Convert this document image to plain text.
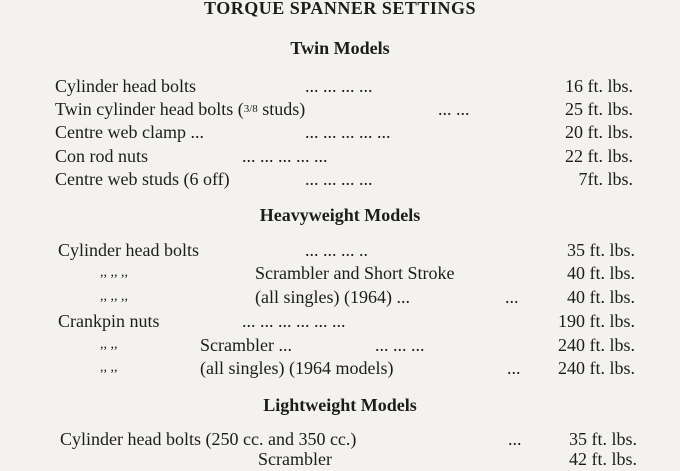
TORQUE SPANNER SETTINGS
Twin Models
Cylinder head bolts	... ... ... ...	16 ft. lbs.
Twin cylinder head bolts (3/8 studs)	... ...	25 ft. lbs.
Centre web clamp ...	... ... ... ... ...	20 ft. lbs.
Con rod nuts	... ... ... ... ...	22 ft. lbs.
Centre web studs (6 off)	... ... ... ...	7ft. lbs.
Heavyweight Models
Cylinder head bolts	... ... ... ..	35 ft. lbs.
,, ,, ,,	Scrambler and Short Stroke	40 ft. lbs.
,, ,, ,,	(all singles) (1964) ...	...	40 ft. lbs.
Crankpin nuts	... ... ... ... ... ...	190 ft. lbs.
,, ,,	Scrambler ...	... ... ...	240 ft. lbs.
,, ,,	(all singles) (1964 models)	... 240 ft. lbs.
Lightweight Models
Cylinder head bolts (250 cc. and 350 cc.)	...	35 ft. lbs.
Scrambler	42 ft. lbs.
